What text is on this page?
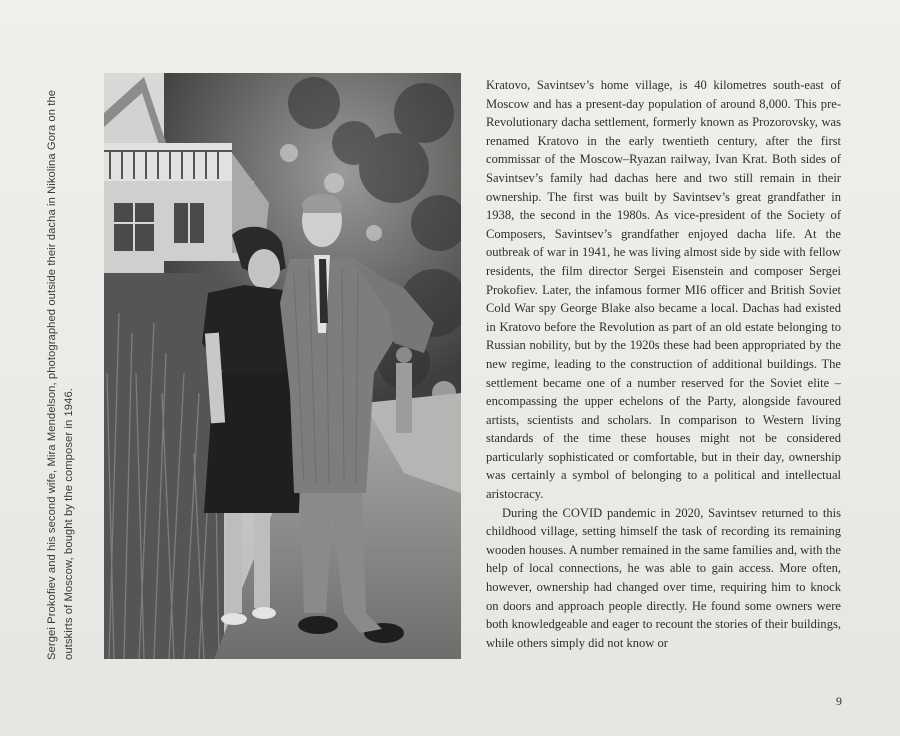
Sergei Prokofiev and his second wife, Mira Mendelson, photographed outside their dacha in Nikolina Gora on the outskirts of Moscow, bought by the composer in 1946.

Kratovo, Savintsev’s home village, is 40 kilometres south-east of Moscow and has a present-day population of around 8,000. This pre-Revolutionary dacha settlement, formerly known as Prozorovsky, was renamed Kratovo in the early twentieth century, after the first commissar of the Moscow–Ryazan railway, Ivan Krat. Both sides of Savintsev’s family had dachas here and two still remain in their ownership. The first was built by Savintsev’s great grandfather in 1938, the second in the 1980s. As vice-president of the Society of Composers, Savintsev’s grandfather enjoyed dacha life. At the outbreak of war in 1941, he was living almost side by side with fellow residents, the film director Sergei Eisenstein and composer Sergei Prokofiev. Later, the infamous former MI6 officer and British Soviet Cold War spy George Blake also became a local. Dachas had existed in Kratovo before the Revolution as part of an old estate belonging to Russian nobility, but by the 1920s these had been appropriated by the new regime, leading to the construction of additional buildings. The settlement became one of a number reserved for the Soviet elite – encompassing the upper echelons of the Party, alongside favoured artists, scientists and scholars. In comparison to Western living standards of the time these houses might not be considered particularly sophisticated or comfortable, but in their day, ownership was certainly a symbol of belonging to a political and intellectual aristocracy.

During the COVID pandemic in 2020, Savintsev returned to this childhood village, setting himself the task of recording its remaining wooden houses. A number remained in the same families and, with the help of local connections, he was able to gain access. More often, however, ownership had changed over time, requiring him to knock on doors and approach people directly. He found some owners were both knowledgeable and eager to recount the stories of their buildings, while others simply did not know or

9
